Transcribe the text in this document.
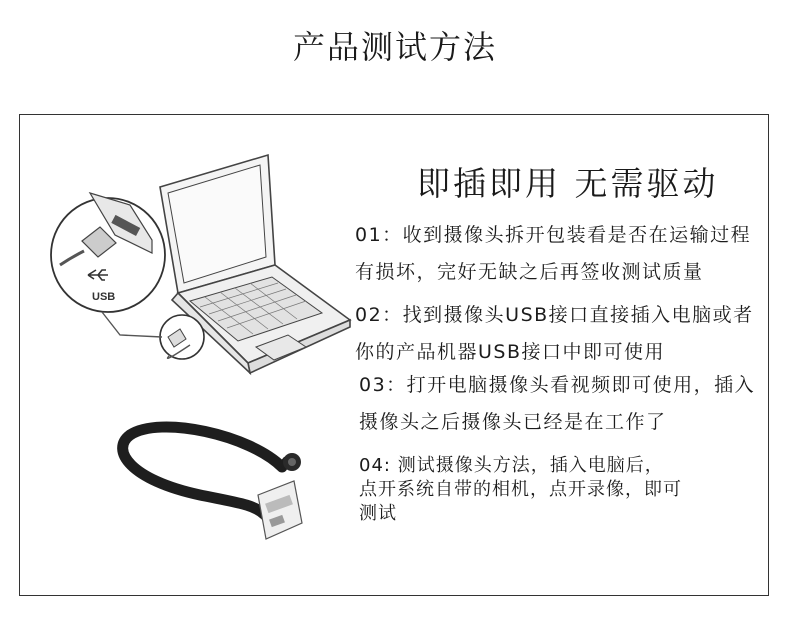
产品测试方法
USB
即插即用 无需驱动
01：收到摄像头拆开包装看是否在运输过程
有损坏，完好无缺之后再签收测试质量
02：找到摄像头USB接口直接插入电脑或者
你的产品机器USB接口中即可使用
03：打开电脑摄像头看视频即可使用，插入
摄像头之后摄像头已经是在工作了
04: 测试摄像头方法，插入电脑后，
点开系统自带的相机，点开录像，即可
测试
